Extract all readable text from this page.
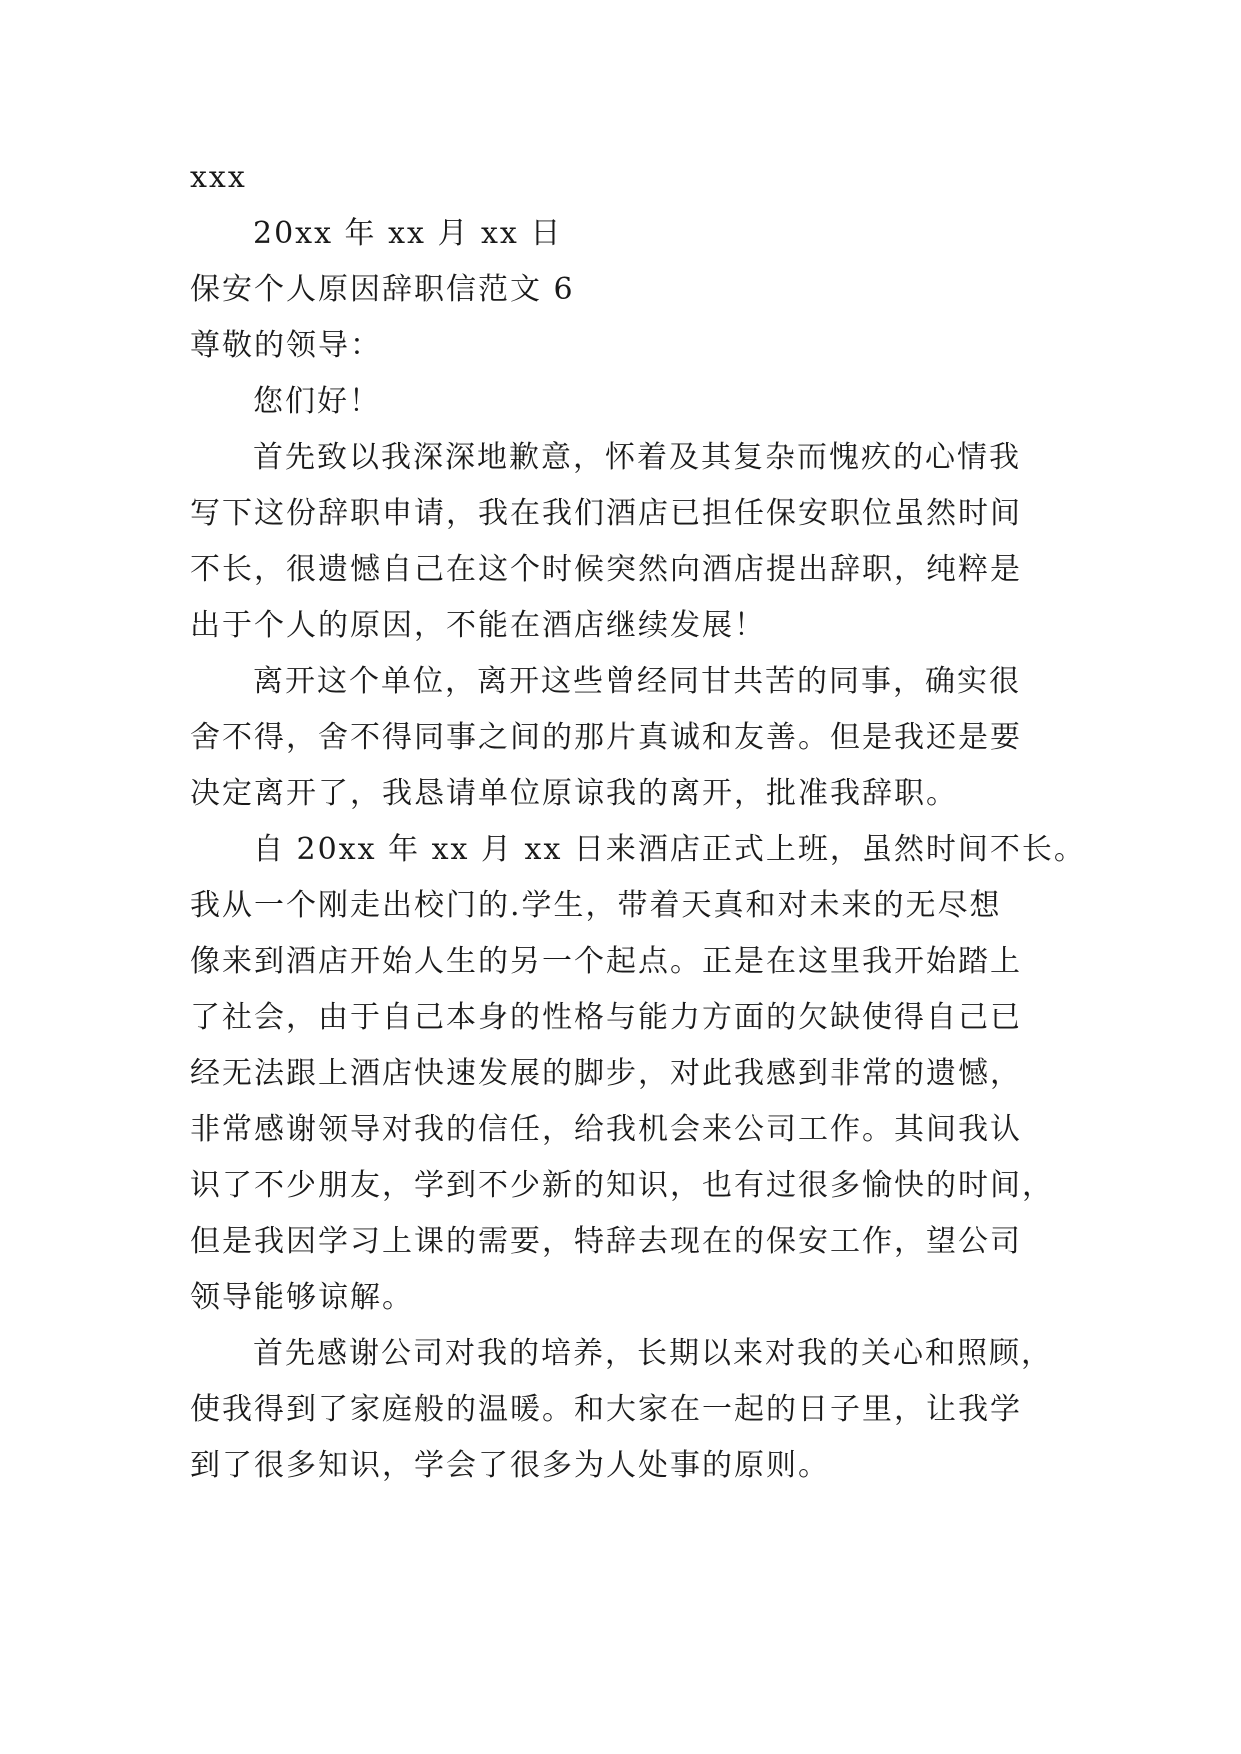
xxx
20xx 年 xx 月 xx 日
保安个人原因辞职信范文 6
尊敬的领导：
您们好！
首先致以我深深地歉意，怀着及其复杂而愧疚的心情我
写下这份辞职申请，我在我们酒店已担任保安职位虽然时间
不长，很遗憾自己在这个时候突然向酒店提出辞职，纯粹是
出于个人的原因，不能在酒店继续发展！
离开这个单位，离开这些曾经同甘共苦的同事，确实很
舍不得，舍不得同事之间的那片真诚和友善。但是我还是要
决定离开了，我恳请单位原谅我的离开，批准我辞职。
自 20xx 年 xx 月 xx 日来酒店正式上班，虽然时间不长。
我从一个刚走出校门的.学生，带着天真和对未来的无尽想
像来到酒店开始人生的另一个起点。正是在这里我开始踏上
了社会，由于自己本身的性格与能力方面的欠缺使得自己已
经无法跟上酒店快速发展的脚步，对此我感到非常的遗憾，
非常感谢领导对我的信任，给我机会来公司工作。其间我认
识了不少朋友，学到不少新的知识，也有过很多愉快的时间，
但是我因学习上课的需要，特辞去现在的保安工作，望公司
领导能够谅解。
首先感谢公司对我的培养，长期以来对我的关心和照顾，
使我得到了家庭般的温暖。和大家在一起的日子里，让我学
到了很多知识，学会了很多为人处事的原则。
